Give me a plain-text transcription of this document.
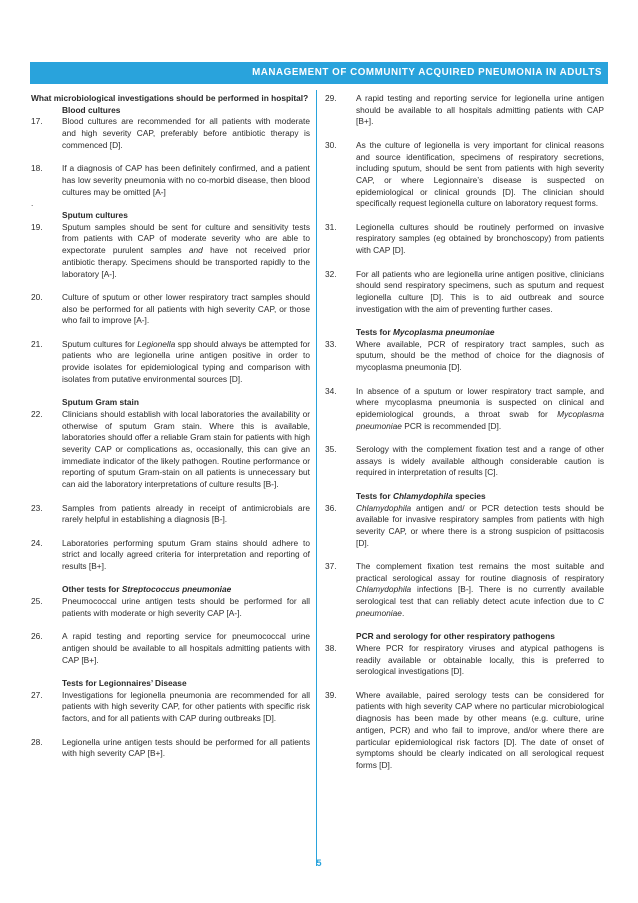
MANAGEMENT OF COMMUNITY ACQUIRED PNEUMONIA IN ADULTS
What microbiological investigations should be performed in hospital?
Blood cultures
17.	Blood cultures are recommended for all patients with moderate and high severity CAP, preferably before antibiotic therapy is commenced [D].
18.	If a diagnosis of CAP has been definitely confirmed, and a patient has low severity pneumonia with no co-morbid disease, then blood cultures may be omitted [A-]
.
Sputum cultures
19.	Sputum samples should be sent for culture and sensitivity tests from patients with CAP of moderate severity who are able to expectorate purulent samples and have not received prior antibiotic therapy. Specimens should be transported rapidly to the laboratory [A-].
20.	Culture of sputum or other lower respiratory tract samples should also be performed for all patients with high severity CAP, or those who fail to improve [A-].
21.	Sputum cultures for Legionella spp should always be attempted for patients who are legionella urine antigen positive in order to provide isolates for epidemiological typing and comparison with isolates from putative environmental sources [D].
Sputum Gram stain
22.	Clinicians should establish with local laboratories the availability or otherwise of sputum Gram stain. Where this is available, laboratories should offer a reliable Gram stain for patients with high severity CAP or complications as, occasionally, this can give an immediate indicator of the likely pathogen. Routine performance or reporting of sputum Gram-stain on all patients is unnecessary but can aid the laboratory interpretations of culture results [B-].
23.	Samples from patients already in receipt of antimicrobials are rarely helpful in establishing a diagnosis [B-].
24.	Laboratories performing sputum Gram stains should adhere to strict and locally agreed criteria for interpretation and reporting of results [B+].
Other tests for Streptococcus pneumoniae
25.	Pneumococcal urine antigen tests should be performed for all patients with moderate or high severity CAP [A-].
26.	A rapid testing and reporting service for pneumococcal urine antigen should be available to all hospitals admitting patients with CAP [B+].
Tests for Legionnaires’ Disease
27.	Investigations for legionella pneumonia are recommended for all patients with high severity CAP, for other patients with specific risk factors, and for all patients with CAP during outbreaks [D].
28.	Legionella urine antigen tests should be performed for all patients with high severity CAP [B+].
29.	A rapid testing and reporting service for legionella urine antigen should be available to all hospitals admitting patients with CAP [B+].
30.	As the culture of legionella is very important for clinical reasons and source identification, specimens of respiratory secretions, including sputum, should be sent from patients with high severity CAP, or where Legionnaire’s disease is suspected on epidemiological or clinical grounds [D]. The clinician should specifically request legionella culture on laboratory request forms.
31.	Legionella cultures should be routinely performed on invasive respiratory samples (eg obtained by bronchoscopy) from patients with CAP [D].
32.	For all patients who are legionella urine antigen positive, clinicians should send respiratory specimens, such as sputum and request legionella culture [D]. This is to aid outbreak and source investigation with the aim of preventing further cases.
Tests for Mycoplasma pneumoniae
33.	Where available, PCR of respiratory tract samples, such as sputum, should be the method of choice for the diagnosis of mycoplasma pneumonia [D].
34.	In absence of a sputum or lower respiratory tract sample, and where mycoplasma pneumonia is suspected on clinical and epidemiological grounds, a throat swab for Mycoplasma pneumoniae PCR is recommended [D].
35.	Serology with the complement fixation test and a range of other assays is widely available although considerable caution is required in interpretation of results [C].
Tests for Chlamydophila species
36.	Chlamydophila antigen and/ or PCR detection tests should be available for invasive respiratory samples from patients with high severity CAP, or where there is a strong suspicion of psittacosis [D].
37.	The complement fixation test remains the most suitable and practical serological assay for routine diagnosis of respiratory Chlamydophila infections [B-]. There is no currently available serological test that can reliably detect acute infection due to C pneumoniae.
PCR and serology for other respiratory pathogens
38.	Where PCR for respiratory viruses and atypical pathogens is readily available or obtainable locally, this is preferred to serological investigations [D].
39.	Where available, paired serology tests can be considered for patients with high severity CAP where no particular microbiological diagnosis has been made by other means (e.g. culture, urine antigen, PCR) and who fail to improve, and/or where there are particular epidemiological risk factors [D]. The date of onset of symptoms should be clearly indicated on all serological request forms [D].
5
